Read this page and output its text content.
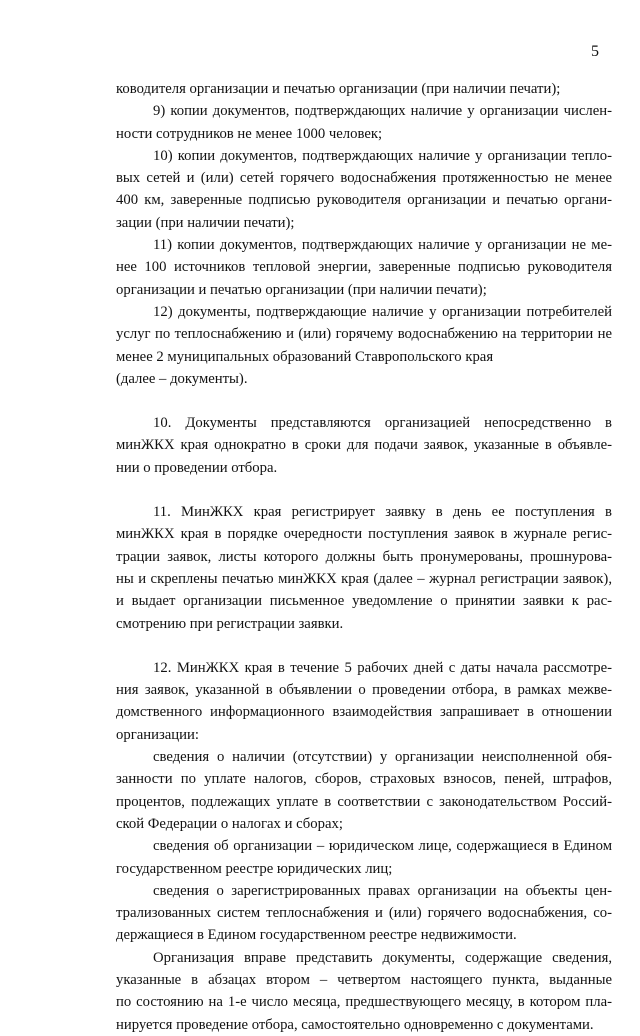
5
ководителя организации и печатью организации (при наличии печати);
9) копии документов, подтверждающих наличие у организации числен-
ности сотрудников не менее 1000 человек;
10) копии документов, подтверждающих наличие у организации тепло-
вых сетей и (или) сетей горячего водоснабжения протяженностью не менее
400 км, заверенные подписью руководителя организации и печатью органи-
зации (при наличии печати);
11) копии документов, подтверждающих наличие у организации не ме-
нее 100 источников тепловой энергии, заверенные подписью руководителя
организации и печатью организации (при наличии печати);
12) документы, подтверждающие наличие у организации потребителей
услуг по теплоснабжению и (или) горячему водоснабжению на территории не
менее 2 муниципальных образований Ставропольского края
(далее – документы).
10. Документы представляются организацией непосредственно в
минЖКХ края однократно в сроки для подачи заявок, указанные в объявле-
нии о проведении отбора.
11. МинЖКХ края регистрирует заявку в день ее поступления в
минЖКХ края в порядке очередности поступления заявок в журнале регис-
трации заявок, листы которого должны быть пронумерованы, прошнурова-
ны и скреплены печатью минЖКХ края (далее – журнал регистрации заявок),
и выдает организации письменное уведомление о принятии заявки к рас-
смотрению при регистрации заявки.
12. МинЖКХ края в течение 5 рабочих дней с даты начала рассмотре-
ния заявок, указанной в объявлении о проведении отбора, в рамках межве-
домственного информационного взаимодействия запрашивает в отношении
организации:
сведения о наличии (отсутствии) у организации неисполненной обя-
занности по уплате налогов, сборов, страховых взносов, пеней, штрафов,
процентов, подлежащих уплате в соответствии с законодательством Россий-
ской Федерации о налогах и сборах;
сведения об организации – юридическом лице, содержащиеся в Едином
государственном реестре юридических лиц;
сведения о зарегистрированных правах организации на объекты цен-
трализованных систем теплоснабжения и (или) горячего водоснабжения, со-
держащиеся в Едином государственном реестре недвижимости.
Организация вправе представить документы, содержащие сведения,
указанные в абзацах втором – четвертом настоящего пункта, выданные
по состоянию на 1-е число месяца, предшествующего месяцу, в котором пла-
нируется проведение отбора, самостоятельно одновременно с документами.
